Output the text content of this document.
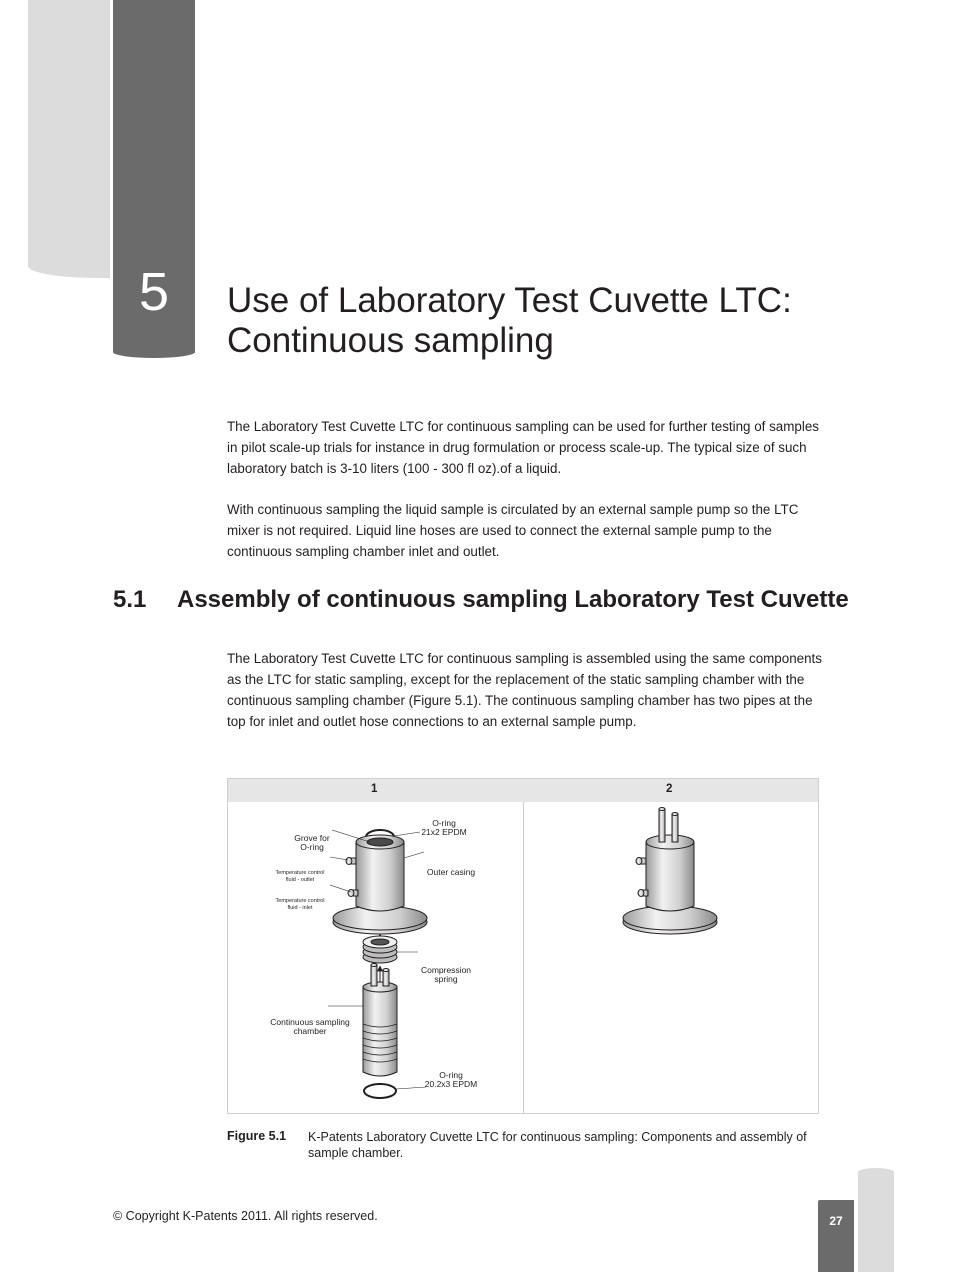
5	Use of Laboratory Test Cuvette LTC:
Continuous sampling

The Laboratory Test Cuvette LTC for continuous sampling can be used for further testing of samples in pilot scale-up trials for instance in drug formulation or process scale-up. The typical size of such laboratory batch is 3-10 liters (100 - 300 fl oz).of a liquid.

With continuous sampling the liquid sample is circulated by an external sample pump so the LTC mixer is not required. Liquid line hoses are used to connect the external sample pump to the continuous sampling chamber inlet and outlet.

5.1 Assembly of continuous sampling Laboratory Test Cuvette

The Laboratory Test Cuvette LTC for continuous sampling is assembled using the same components as the LTC for static sampling, except for the replacement of the static sampling chamber with the continuous sampling chamber (Figure 5.1). The continuous sampling chamber has two pipes at the top for inlet and outlet hose connections to an external sample pump.

1	2
O-ring
21x2 EPDM
Grove for
O-ring
Outer casing
Temperature control
fluid - outlet
Temperature control
fluid - inlet
Compression
spring
Continuous sampling
chamber
O-ring
20.2x3 EPDM
Figure 5.1 K-Patents Laboratory Cuvette LTC for continuous sampling: Components and assembly of sample chamber.

© Copyright K-Patents 2011. All rights reserved.	27
